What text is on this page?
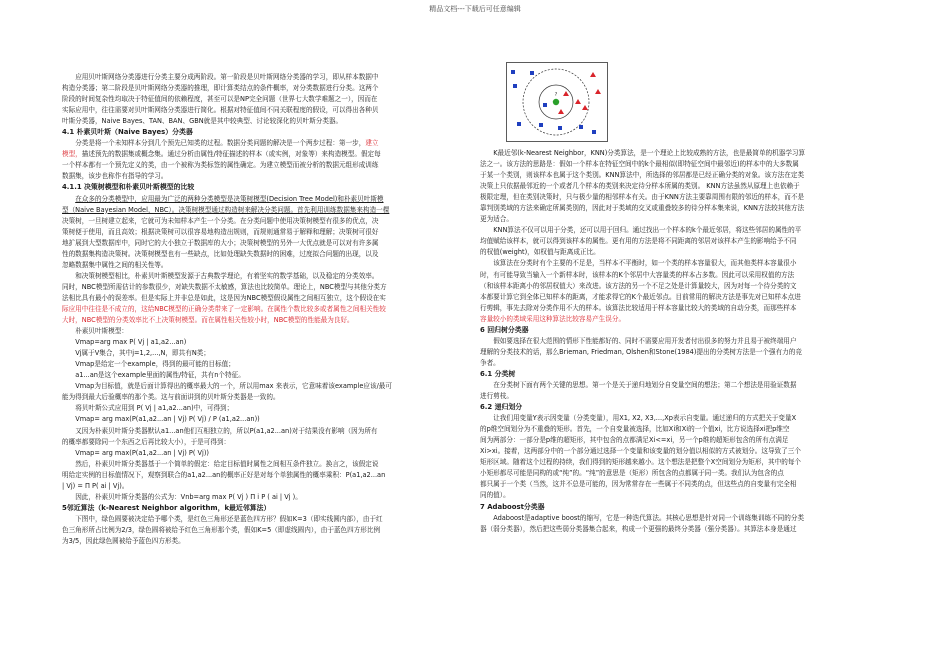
精品文档---下载后可任意编辑
?
应用贝叶斯网络分类器进行分类主要分成两阶段。第一阶段是贝叶斯网络分类器的学习，即从样本数据中
构造分类器；第二阶段是贝叶斯网络分类器的推理，即计算类结点的条件概率，对分类数据进行分类。这两个
阶段的时间复杂性均取决于特征值间的依赖程度，甚至可以是NP完全问题（世界七大数学难题之一），因而在
实际应用中，往往需要对贝叶斯网络分类器进行简化。根据对特征值间不同关联程度的假设，可以得出各种贝
叶斯分类器，Naive Bayes、TAN、BAN、GBN就是其中较典型、讨论较深化的贝叶斯分类器。
4.1 朴素贝叶斯（Naive Bayes）分类器
分类是将一个未知样本分到几个预先已知类的过程。数据分类问题的解决是一个两步过程：第一步，建立
模型，描述预先的数据集或概念集。通过分析由属性/特征描述的样本（或实例，对象等）来构造模型。假定每
一个样本都有一个预先定义的类，由一个被称为类标签的属性确定。为建立模型而被分析的数据元组形成训练
数据集，该步也称作有指导的学习。
4.1.1 决策树模型和朴素贝叶斯模型的比较
在众多的分类模型中，应用最为广泛的两种分类模型是决策树模型(Decision Tree Model)和朴素贝叶斯模
型（Naive Bayesian Model，NBC）。决策树模型通过构造树来解决分类问题。首先利用训练数据集来构造一棵
决策树，一旦树建立起来，它就可为未知样本产生一个分类。在分类问题中使用决策树模型有很多的优点，决
策树便于使用，而且高效；根据决策树可以很容易地构造出规则，而规则通常易于解释和理解；决策树可很好
地扩展到大型数据库中，同时它的大小独立于数据库的大小；决策树模型的另外一大优点就是可以对有许多属
性的数据集构造决策树。决策树模型也有一些缺点，比如处理缺失数据时的困难，过度拟合问题的出现，以及
忽略数据集中属性之间的相关性等。
和决策树模型相比，朴素贝叶斯模型发源于古典数学理论，有着坚实的数学基础，以及稳定的分类效率。
同时，NBC模型所需估计的参数很少，对缺失数据不太敏感，算法也比较简单。理论上，NBC模型与其他分类方
法相比具有最小的误差率。但是实际上并非总是如此，这是因为NBC模型假设属性之间相互独立，这个假设在实
际应用中往往是不成立的，这给NBC模型的正确分类带来了一定影响。在属性个数比较多或者属性之间相关性较
大时，NBC模型的分类效率比不上决策树模型。而在属性相关性较小时，NBC模型的性能最为良好。
朴素贝叶斯模型：
Vmap=arg max P( Vj | a1,a2...an)
Vj属于V集合，其中j=1,2,...,N，即共有N类；
Vmap是给定一个example，得到的最可能的目标值；
a1...an是这个example里面的属性/特征，共有n个特征。
Vmap为目标值，就是后面计算得出的概率最大的一个，所以用max 来表示，它意味着该example应该/最可
能为得到最大后验概率的那个类。这与前面讲到的贝叶斯分类器是一致的。
将贝叶斯公式应用到 P( Vj | a1,a2...an)中，可得到；
Vmap= arg max(P(a1,a2...an | Vj) P( Vj) / P (a1,a2...an))
又因为朴素贝叶斯分类器默认a1...an他们互相独立的，所以P(a1,a2...an)对于结果没有影响（因为所有
的概率都要除同一个东西之后再比较大小），于是可得到：
Vmap= arg max(P(a1,a2...an | Vj) P( Vj))
然后，朴素贝叶斯分类器基于一个简单的假定：给定目标值时属性之间相互条件独立。换言之，该假定说
明给定实例的目标值情况下，观察到联合的a1,a2...an的概率正好是对每个单独属性的概率乘积：P(a1,a2...an
| Vj) = Π P( ai | Vj)。
因此，朴素贝叶斯分类器的公式为：Vnb=arg max P( Vj ) Π i P ( ai | Vj )。
5邻近算法（k-Nearest Neighbor algorithm，k最近邻算法）
下图中，绿色圆要被决定给予哪个类，是红色三角形还是蓝色四方形？假如K=3（即实线圆内部），由于红
色三角形所占比例为2/3，绿色圆将被给予红色三角形那个类，假如K=5（即虚线圆内），由于蓝色四方形比例
为3/5，因此绿色圆被给予蓝色四方形类。
K最近邻(k-Nearest Neighbor，KNN)分类算法，是一个理论上比较成熟的方法，也是最简单的机器学习算
法之一。该方法的思路是：假如一个样本在特征空间中的k个最相似(即特征空间中最邻近)的样本中的大多数属
于某一个类别，则该样本也属于这个类别。KNN算法中，所选择的邻居都是已经正确分类的对象。该方法在定类
决策上只依据最邻近的一个或者几个样本的类别来决定待分样本所属的类别。 KNN方法虽然从原理上也依赖于
极限定理，但在类别决策时，只与极少量的相邻样本有关。由于KNN方法主要靠周围有限的邻近的样本，而不是
靠判别类域的方法来确定所属类别的，因此对于类域的交叉或重叠较多的待分样本集来说，KNN方法较其他方法
更为适合。
KNN算法不仅可以用于分类，还可以用于回归。通过找出一个样本的k个最近邻居，将这些邻居的属性的平
均值赋给该样本，就可以得到该样本的属性。更有用的方法是将不同距离的邻居对该样本产生的影响给予不同
的权值(weight)，如权值与距离成正比。
该算法在分类时有个主要的不足是，当样本不平衡时，如一个类的样本容量很大，而其他类样本容量很小
时，有可能导致当输入一个新样本时，该样本的K个邻居中大容量类的样本占多数。因此可以采用权值的方法
（和该样本距离小的邻居权值大）来改进。该方法的另一个不足之处是计算量较大，因为对每一个待分类的文
本都要计算它到全体已知样本的距离，才能求得它的K个最近邻点。目前常用的解决方法是事先对已知样本点进
行剪辑，事先去除对分类作用不大的样本。该算法比较适用于样本容量比较大的类域的自动分类，而那些样本
容量较小的类域采用这种算法比较容易产生误分。
6 回归树分类器
假如要选择在很大范围的情形下性能都好的、同时不需要应用开发者付出很多的努力并且易于被终端用户
理解的分类技术的话，那么Brieman, Friedman, Olshen和Stone(1984)提出的分类树方法是一个强有力的竞
争者。
6.1 分类树
在分类树下面有两个关键的思想。第一个是关于递归地划分自变量空间的想法；第二个想法是用验证数据
进行剪枝。
6.2 递归划分
让我们用变量Y表示因变量（分类变量），用X1, X2, X3,...,Xp表示自变量。通过递归的方式把关于变量X
的p维空间划分为不重叠的矩形。首先，一个自变量被选择，比如Xi和Xi的一个值xi，比方说选择xi把p维空
间为两部分：一部分是p维的超矩形，其中包含的点都满足Xi<=xi，另一个p维的超矩形包含的所有点满足
Xi>xi。接着，这两部分中的一个部分通过选择一个变量和该变量的划分值以相似的方式被划分。这导致了三个
矩形区域。随着这个过程的持续，我们得到的矩形越来越小。这个想法是把整个X空间划分为矩形，其中的每个
小矩形都尽可能是同构的或“纯”的。“纯”的意思是（矩形）所包含的点都属于同一类。我们认为包含的点
都只属于一个类（当然，这并不总是可能的，因为常常存在一些属于不同类的点，但这些点的自变量有完全相
同的值）。
7 Adaboost分类器
Adaboost是adaptive boost的缩写，它是一种迭代算法。其核心思想是针对同一个训练集训练不同的分类
器（弱分类器），然后把这些弱分类器集合起来，构成一个更强的最终分类器（强分类器）。其算法本身是通过
